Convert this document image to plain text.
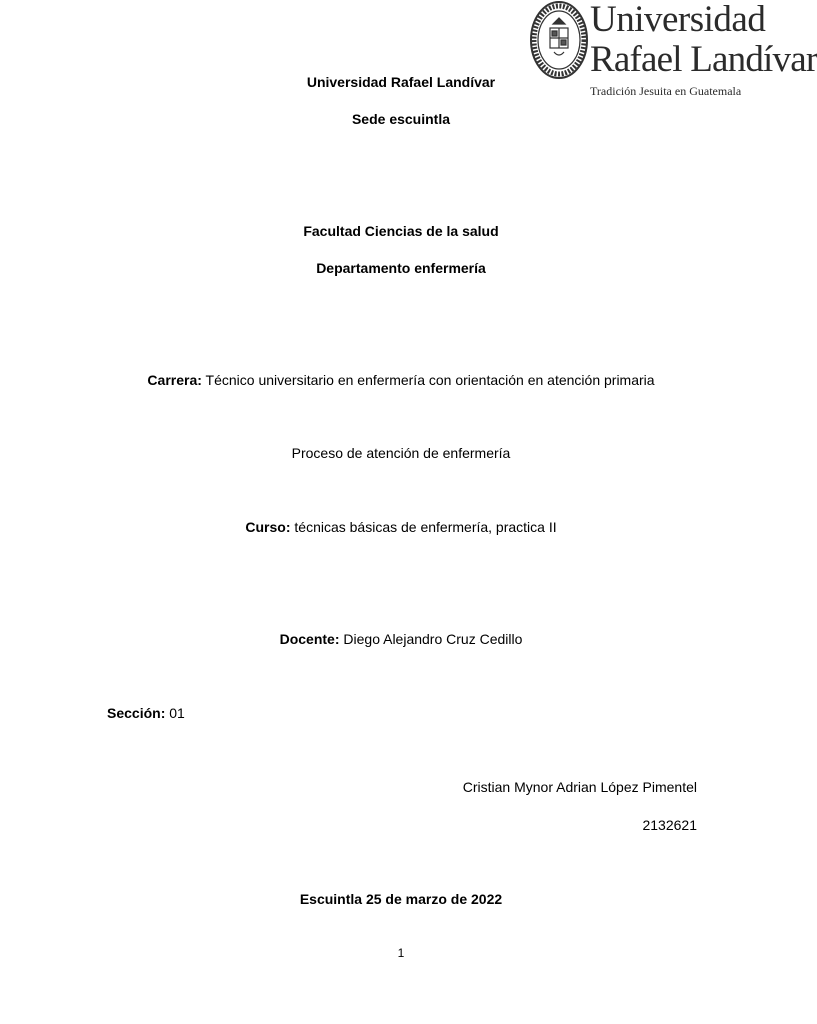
Universidad
Rafael Landívar
Tradición Jesuita en Guatemala
Universidad Rafael Landívar
Sede escuintla
Facultad Ciencias de la salud
Departamento enfermería
Carrera: Técnico universitario en enfermería con orientación en atención primaria
Proceso de atención de enfermería
Curso: técnicas básicas de enfermería, practica II
Docente: Diego Alejandro Cruz Cedillo
Sección: 01
Cristian Mynor Adrian López Pimentel
2132621
Escuintla 25 de marzo de 2022
1
